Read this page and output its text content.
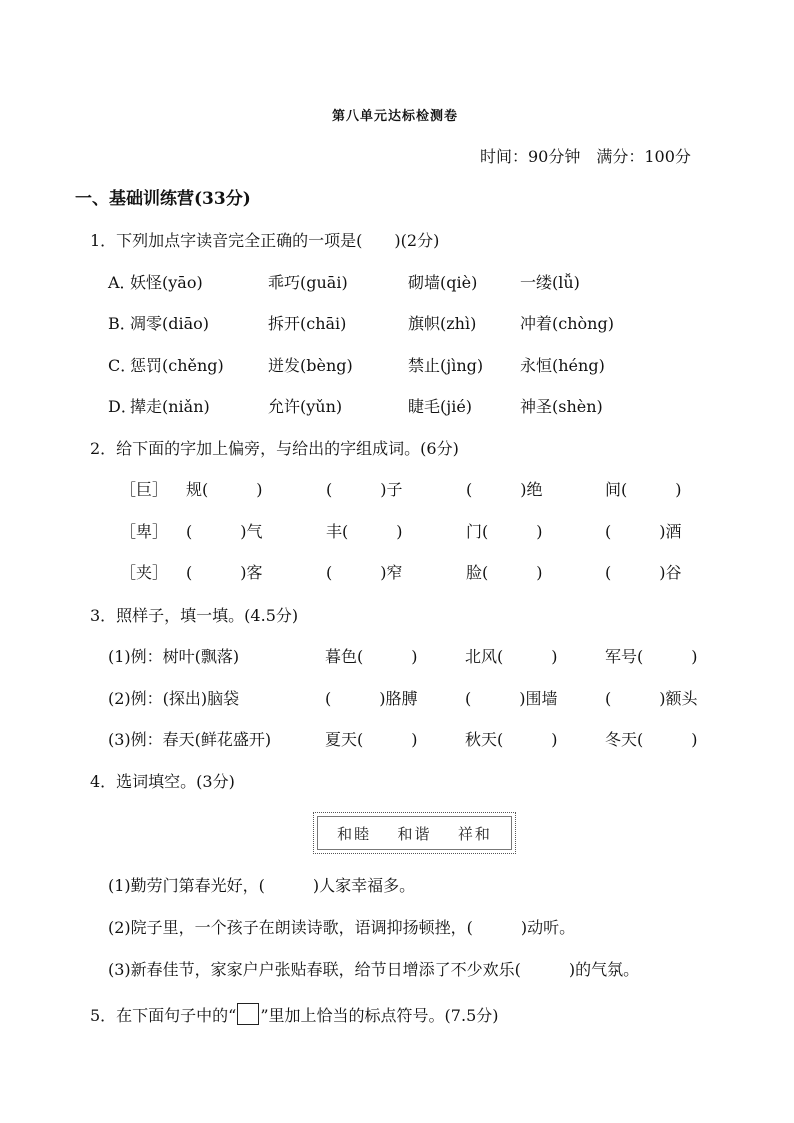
第八单元达标检测卷
时间：90分钟　满分：100分
一、基础训练营(33分)
1．下列加点字读音完全正确的一项是(　　)(2分)
A．
妖怪(yāo)	乖巧(guāi)	砌墙(qiè)	一缕(lǚ)
B．
凋零(diāo)	拆开(chāi)	旗帜(zhì)	冲着(chòng)
C．
惩罚(chěng)	迸发(bèng)	禁止(jìng) 永恒(héng)
D．
撵走(niǎn)	允许(yǔn)	睫毛(jié)	神圣(shèn)
2．给下面的字加上偏旁，与给出的字组成词。(6分)
［巨］ 规(　　　)	(　　　)子	(　　　)绝	间(　　　)
［卑］ (　　　)气	丰(　　　)	门(　　　)	(　　　)酒
［夹］ (　　　)客	(　　　)窄	脸(　　　)	(　　　)谷
3．照样子，填一填。(4.5分)
(1)例：树叶(飘落)	暮色(　　　)	北风(　　　)	军号(　　　)
(2)例：(探出)脑袋	(　　　)胳膊	(　　　)围墙	(　　　)额头
(3)例：春天(鲜花盛开)	夏天(　　　)	秋天(　　　)	冬天(　　　)
4．选词填空。(3分)
和睦 和谐 祥和
(1)勤劳门第春光好，(　　　)人家幸福多。
(2)院子里，一个孩子在朗读诗歌，语调抑扬顿挫，(　　　)动听。
(3)新春佳节，家家户户张贴春联，给节日增添了不少欢乐(　　　)的气氛。
5．在下面句子中的“ ”里加上恰当的标点符号。(7.5分)
